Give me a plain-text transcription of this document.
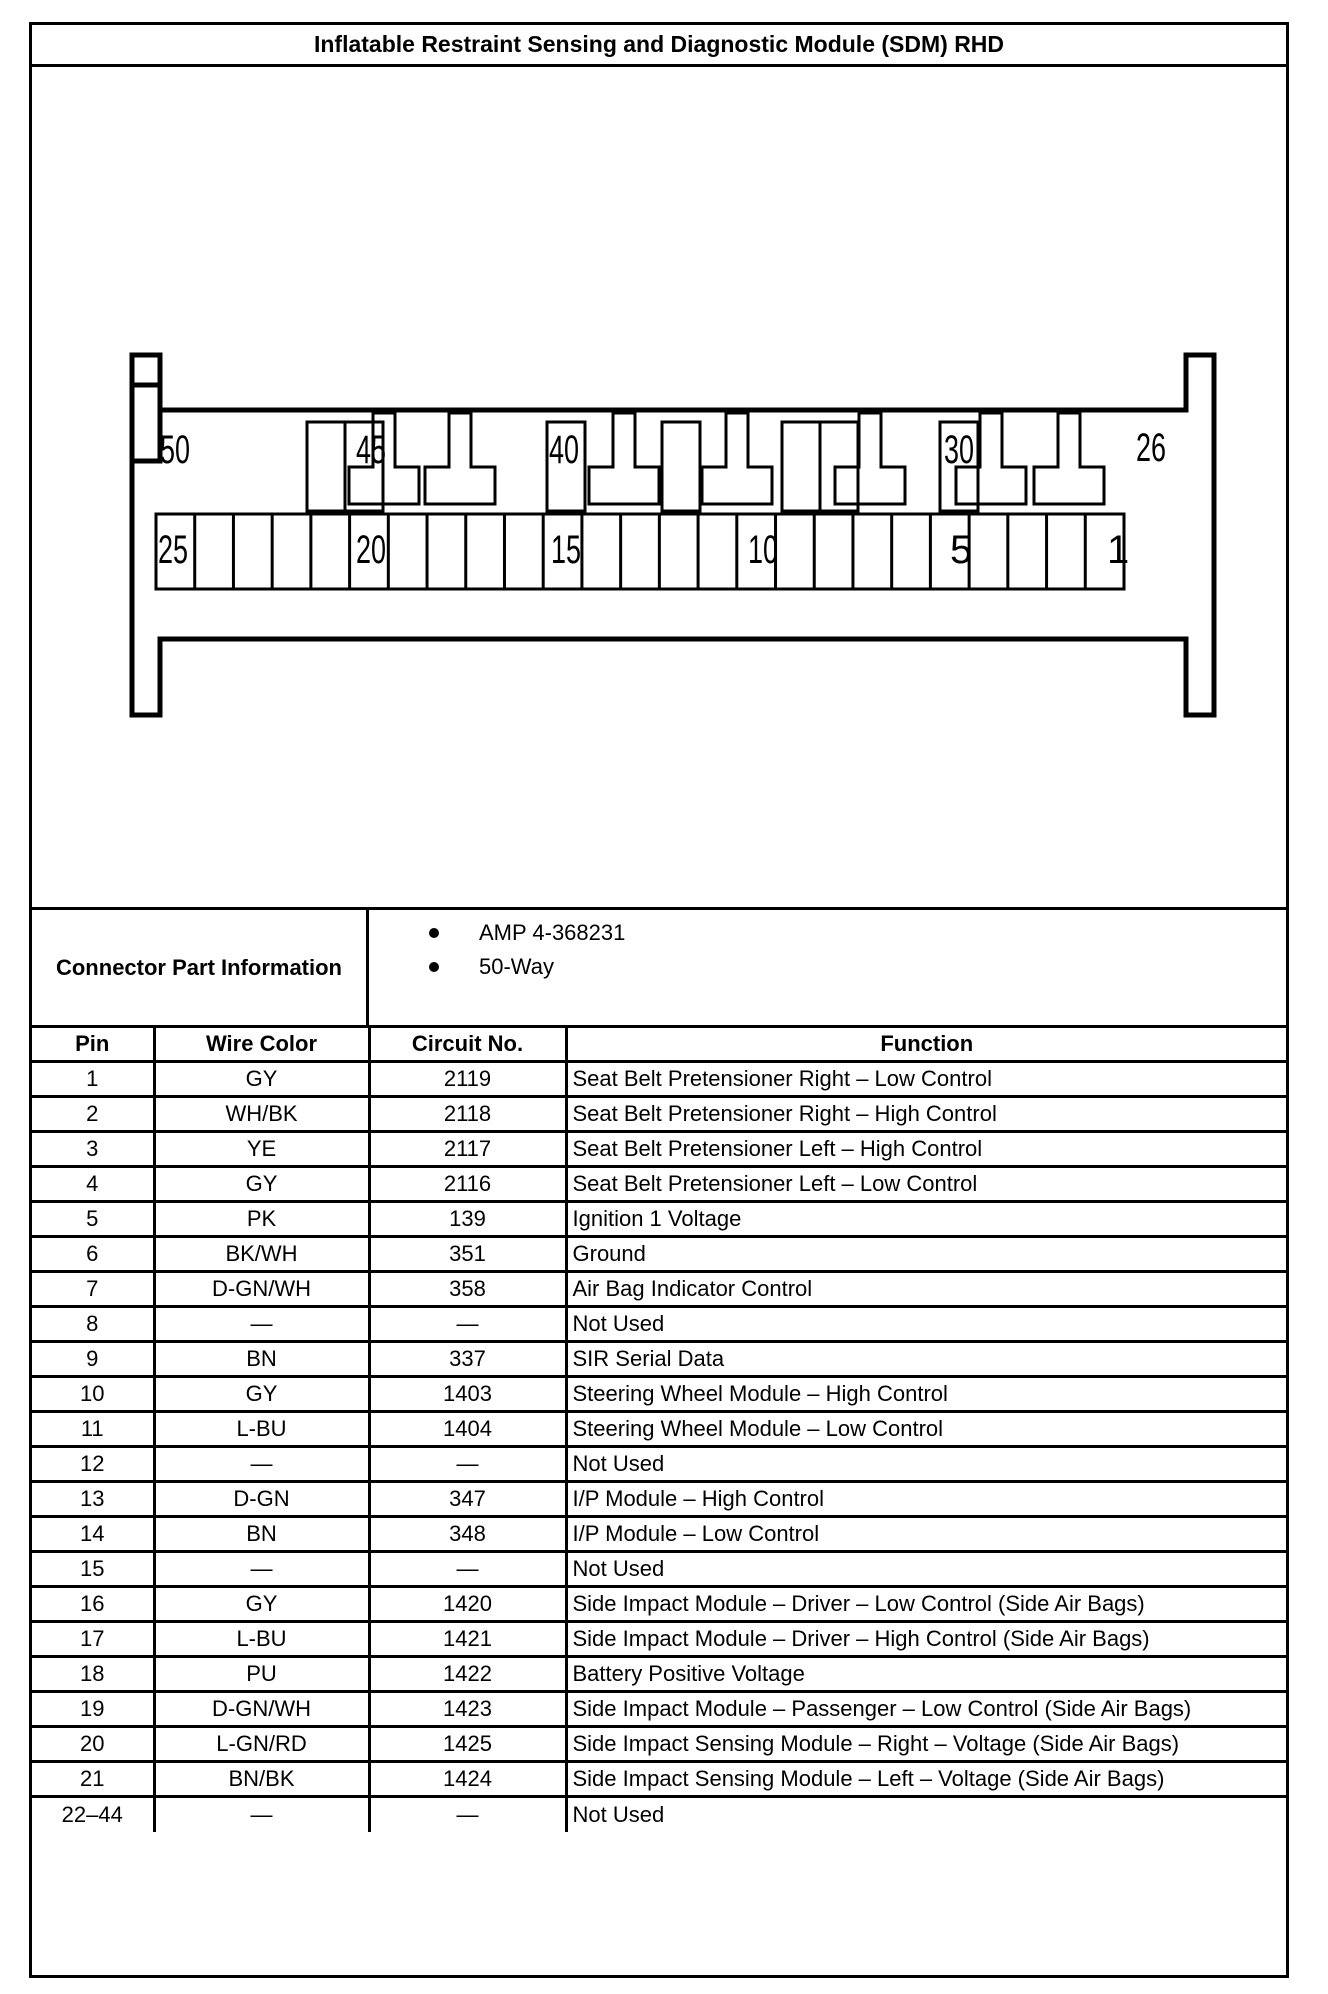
Inflatable Restraint Sensing and Diagnostic Module (SDM) RHD
50	45	40	30	26
25	20	15	10	5	1
Connector Part Information
AMP 4-368231
50-Way
Pin	Wire Color	Circuit No.	Function
1	GY	2119	Seat Belt Pretensioner Right – Low Control
2	WH/BK	2118	Seat Belt Pretensioner Right – High Control
3	YE	2117	Seat Belt Pretensioner Left – High Control
4	GY	2116	Seat Belt Pretensioner Left – Low Control
5	PK	139	Ignition 1 Voltage
6	BK/WH	351	Ground
7	D-GN/WH	358	Air Bag Indicator Control
8	—	—	Not Used
9	BN	337	SIR Serial Data
10	GY	1403	Steering Wheel Module – High Control
11	L-BU	1404	Steering Wheel Module – Low Control
12	—	—	Not Used
13	D-GN	347	I/P Module – High Control
14	BN	348	I/P Module – Low Control
15	—	—	Not Used
16	GY	1420	Side Impact Module – Driver – Low Control (Side Air Bags)
17	L-BU	1421	Side Impact Module – Driver – High Control (Side Air Bags)
18	PU	1422	Battery Positive Voltage
19	D-GN/WH	1423	Side Impact Module – Passenger – Low Control (Side Air Bags)
20	L-GN/RD	1425	Side Impact Sensing Module – Right – Voltage (Side Air Bags)
21	BN/BK	1424	Side Impact Sensing Module – Left – Voltage (Side Air Bags)
22–44	—	—	Not Used
